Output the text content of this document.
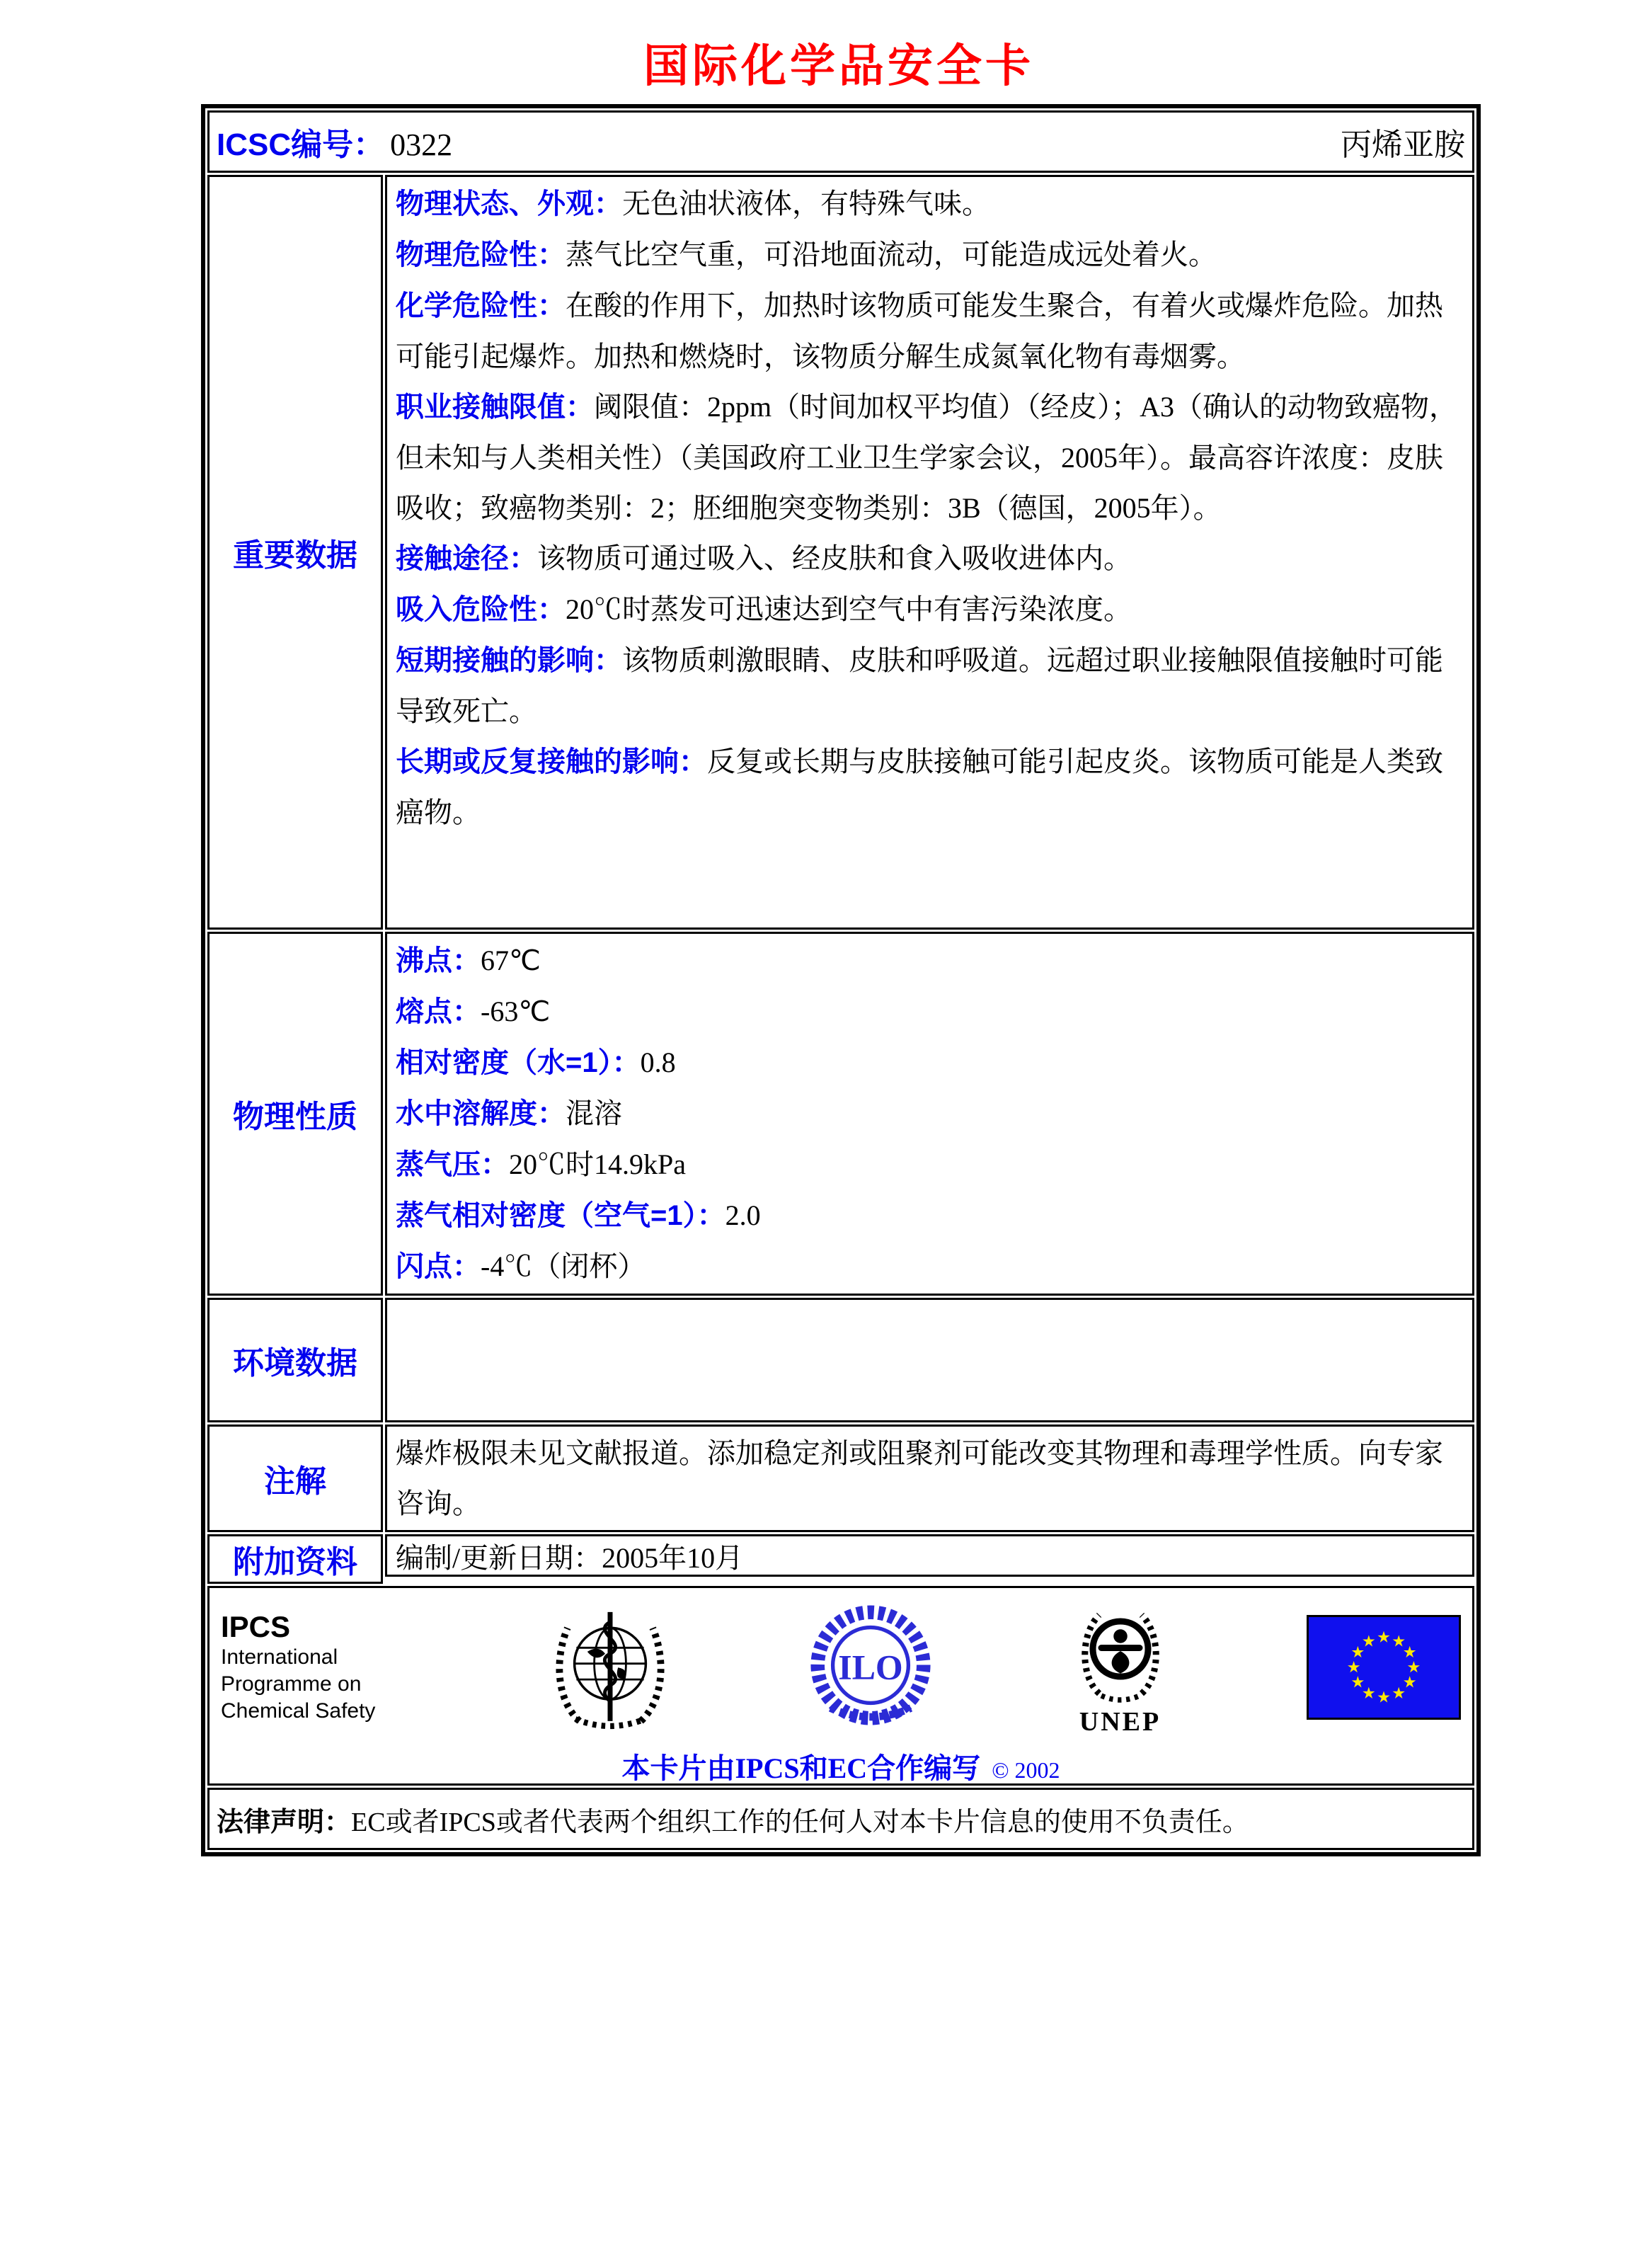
国际化学品安全卡
ICSC编号： 0322	丙烯亚胺
重要数据
物理状态、外观：无色油状液体，有特殊气味。
物理危险性：蒸气比空气重，可沿地面流动，可能造成远处着火。
化学危险性：在酸的作用下，加热时该物质可能发生聚合，有着火或爆炸危险。加热可能引起爆炸。加热和燃烧时，该物质分解生成氮氧化物有毒烟雾。
职业接触限值：阈限值：2ppm（时间加权平均值）（经皮）；A3（确认的动物致癌物，但未知与人类相关性）（美国政府工业卫生学家会议，2005年）。最高容许浓度：皮肤吸收；致癌物类别：2；胚细胞突变物类别：3B（德国，2005年）。
接触途径：该物质可通过吸入、经皮肤和食入吸收进体内。
吸入危险性：20℃时蒸发可迅速达到空气中有害污染浓度。
短期接触的影响：该物质刺激眼睛、皮肤和呼吸道。远超过职业接触限值接触时可能导致死亡。
长期或反复接触的影响：反复或长期与皮肤接触可能引起皮炎。该物质可能是人类致癌物。
物理性质
沸点：67℃
熔点：-63℃
相对密度（水=1）：0.8
水中溶解度：混溶
蒸气压：20℃时14.9kPa
蒸气相对密度（空气=1）：2.0
闪点：-4℃（闭杯）
环境数据
注解
爆炸极限未见文献报道。添加稳定剂或阻聚剂可能改变其物理和毒理学性质。向专家咨询。
附加资料	编制/更新日期：2005年10月
IPCS
International
Programme on
Chemical Safety
ILO
UNEP
本卡片由IPCS和EC合作编写 © 2002
法律声明： EC或者IPCS或者代表两个组织工作的任何人对本卡片信息的使用不负责任。
